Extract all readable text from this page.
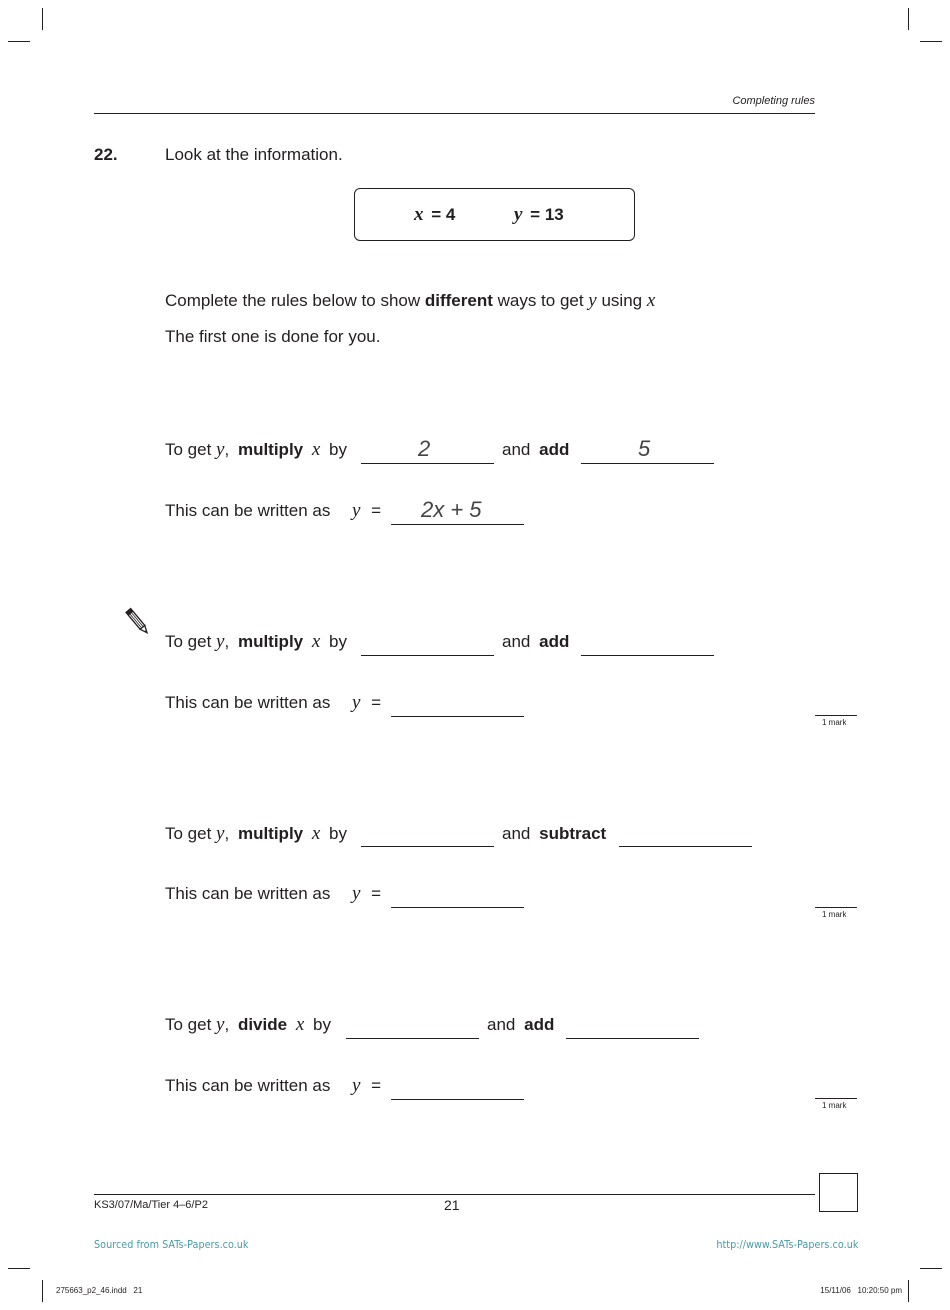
Completing rules
22.	Look at the information.
x = 4	y = 13
Complete the rules below to show different ways to get y using x
The first one is done for you.
To get y, multiply x by	2	and add	5
This can be written as y = 2x + 5
To get y, multiply x by	and add
This can be written as y =
1 mark
To get y, multiply x by	and subtract
This can be written as y =
1 mark
To get y, divide x by	and add
This can be written as y =
1 mark
KS3/07/Ma/Tier 4–6/P2	21
Sourced from SATs-Papers.co.uk	http://www.SATs-Papers.co.uk
275663_p2_46.indd   21	15/11/06   10:20:50 pm
